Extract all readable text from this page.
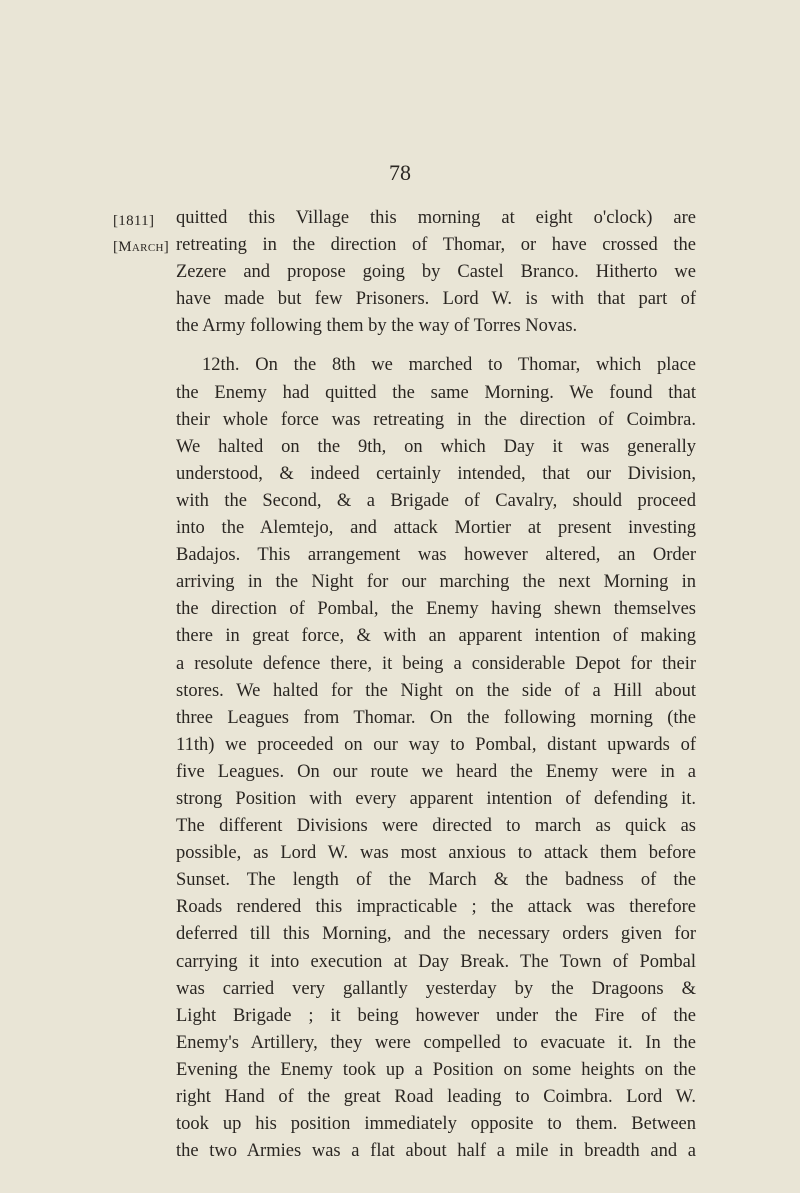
78
[1811]
[March]
quitted this Village this morning at eight o'clock) are
retreating in the direction of Thomar, or have crossed the
Zezere and propose going by Castel Branco. Hitherto we
have made but few Prisoners. Lord W. is with that part of
the Army following them by the way of Torres Novas.
12th. On the 8th we marched to Thomar, which place
the Enemy had quitted the same Morning. We found that
their whole force was retreating in the direction of Coimbra.
We halted on the 9th, on which Day it was generally
understood, & indeed certainly intended, that our Division,
with the Second, & a Brigade of Cavalry, should proceed
into the Alemtejo, and attack Mortier at present investing
Badajos. This arrangement was however altered, an Order
arriving in the Night for our marching the next Morning in
the direction of Pombal, the Enemy having shewn themselves
there in great force, & with an apparent intention of making
a resolute defence there, it being a considerable Depot for their
stores. We halted for the Night on the side of a Hill about
three Leagues from Thomar. On the following morning (the
11th) we proceeded on our way to Pombal, distant upwards of
five Leagues. On our route we heard the Enemy were in a
strong Position with every apparent intention of defending it.
The different Divisions were directed to march as quick as
possible, as Lord W. was most anxious to attack them before
Sunset. The length of the March & the badness of the
Roads rendered this impracticable ; the attack was therefore
deferred till this Morning, and the necessary orders given for
carrying it into execution at Day Break. The Town of Pombal
was carried very gallantly yesterday by the Dragoons &
Light Brigade ; it being however under the Fire of the
Enemy's Artillery, they were compelled to evacuate it. In the
Evening the Enemy took up a Position on some heights on the
right Hand of the great Road leading to Coimbra. Lord W.
took up his position immediately opposite to them. Between
the two Armies was a flat about half a mile in breadth and a
